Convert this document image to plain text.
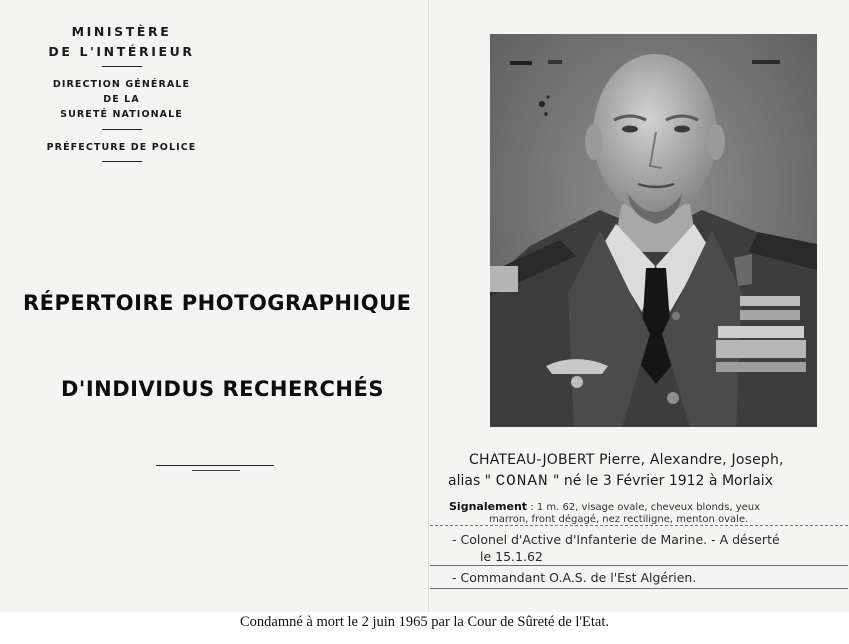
MINISTÈRE
DE L'INTÉRIEUR
DIRECTION GÉNÉRALE
DE LA
SURETÉ NATIONALE
PRÉFECTURE DE POLICE
RÉPERTOIRE PHOTOGRAPHIQUE
D'INDIVIDUS RECHERCHÉS
CHATEAU-JOBERT Pierre, Alexandre, Joseph,
alias " CONAN " né le 3 Février 1912 à Morlaix
Signalement : 1 m. 62, visage ovale, cheveux blonds, yeux
marron, front dégagé, nez rectiligne, menton ovale.
- Colonel d'Active d'Infanterie de Marine. - A déserté
le 15.1.62
- Commandant O.A.S. de l'Est Algérien.
Condamné à mort le 2 juin 1965 par la Cour de Sûreté de l'Etat.
